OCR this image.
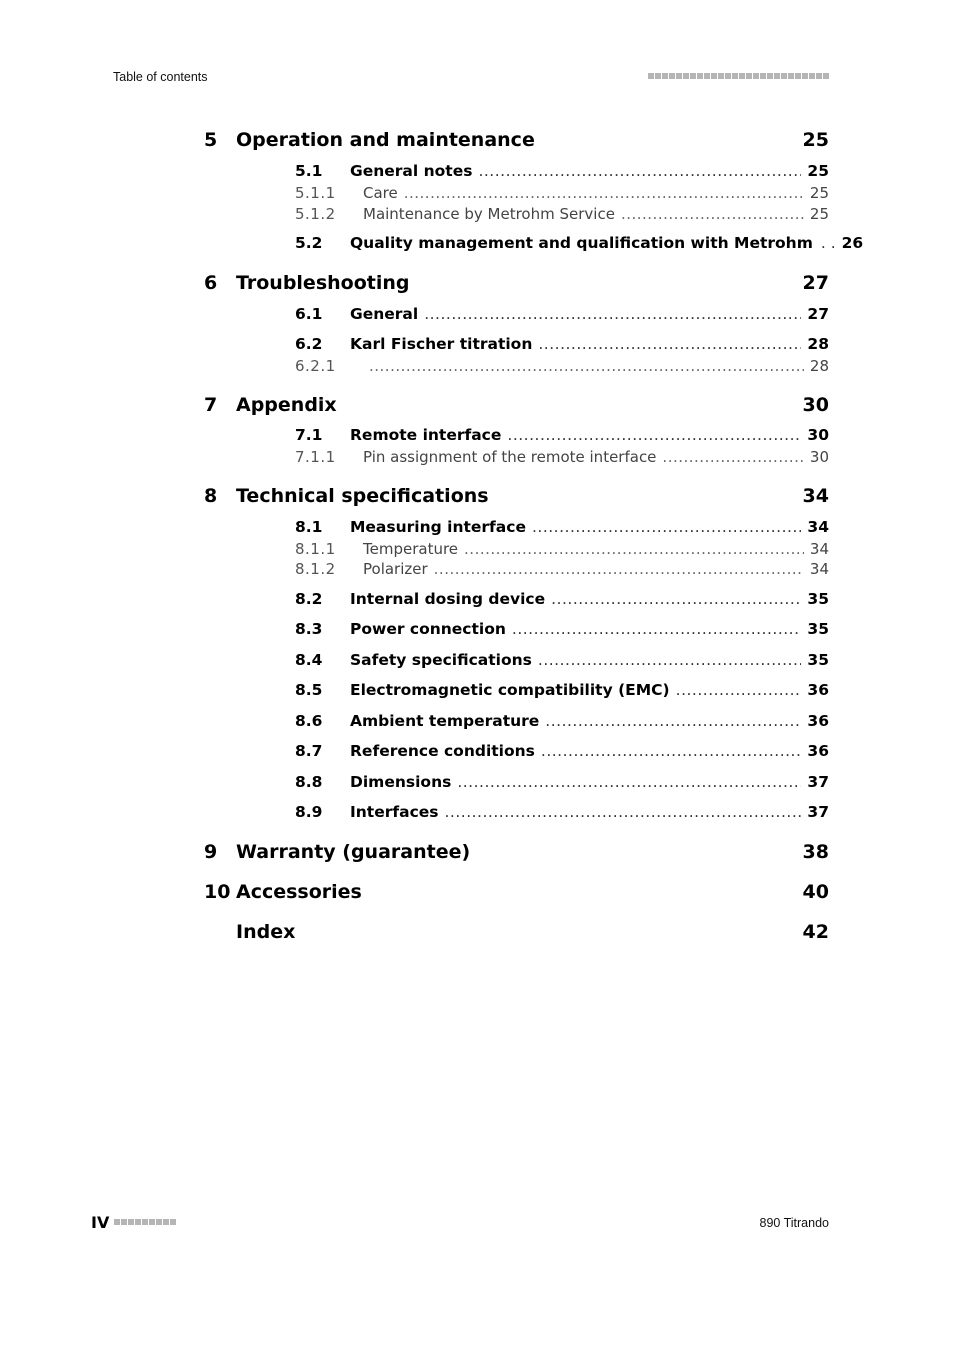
Table of contents
5 Operation and maintenance	25
5.1 General notes .....	25
5.1.1 Care .....	25
5.1.2 Maintenance by Metrohm Service .....	25
5.2 Quality management and qualification with Metrohm . . 26
6 Troubleshooting	27
6.1 General .....	27
6.2 Karl Fischer titration .....	28
6.2.1 .....	28
7 Appendix	30
7.1 Remote interface .....	30
7.1.1 Pin assignment of the remote interface .....	30
8 Technical specifications	34
8.1 Measuring interface .....	34
8.1.1 Temperature .....	34
8.1.2 Polarizer .....	34
8.2 Internal dosing device .....	35
8.3 Power connection .....	35
8.4 Safety specifications .....	35
8.5 Electromagnetic compatibility (EMC) .....	36
8.6 Ambient temperature .....	36
8.7 Reference conditions .....	36
8.8 Dimensions .....	37
8.9 Interfaces .....	37
9 Warranty (guarantee)	38
10 Accessories	40
Index	42
IV	890 Titrando
